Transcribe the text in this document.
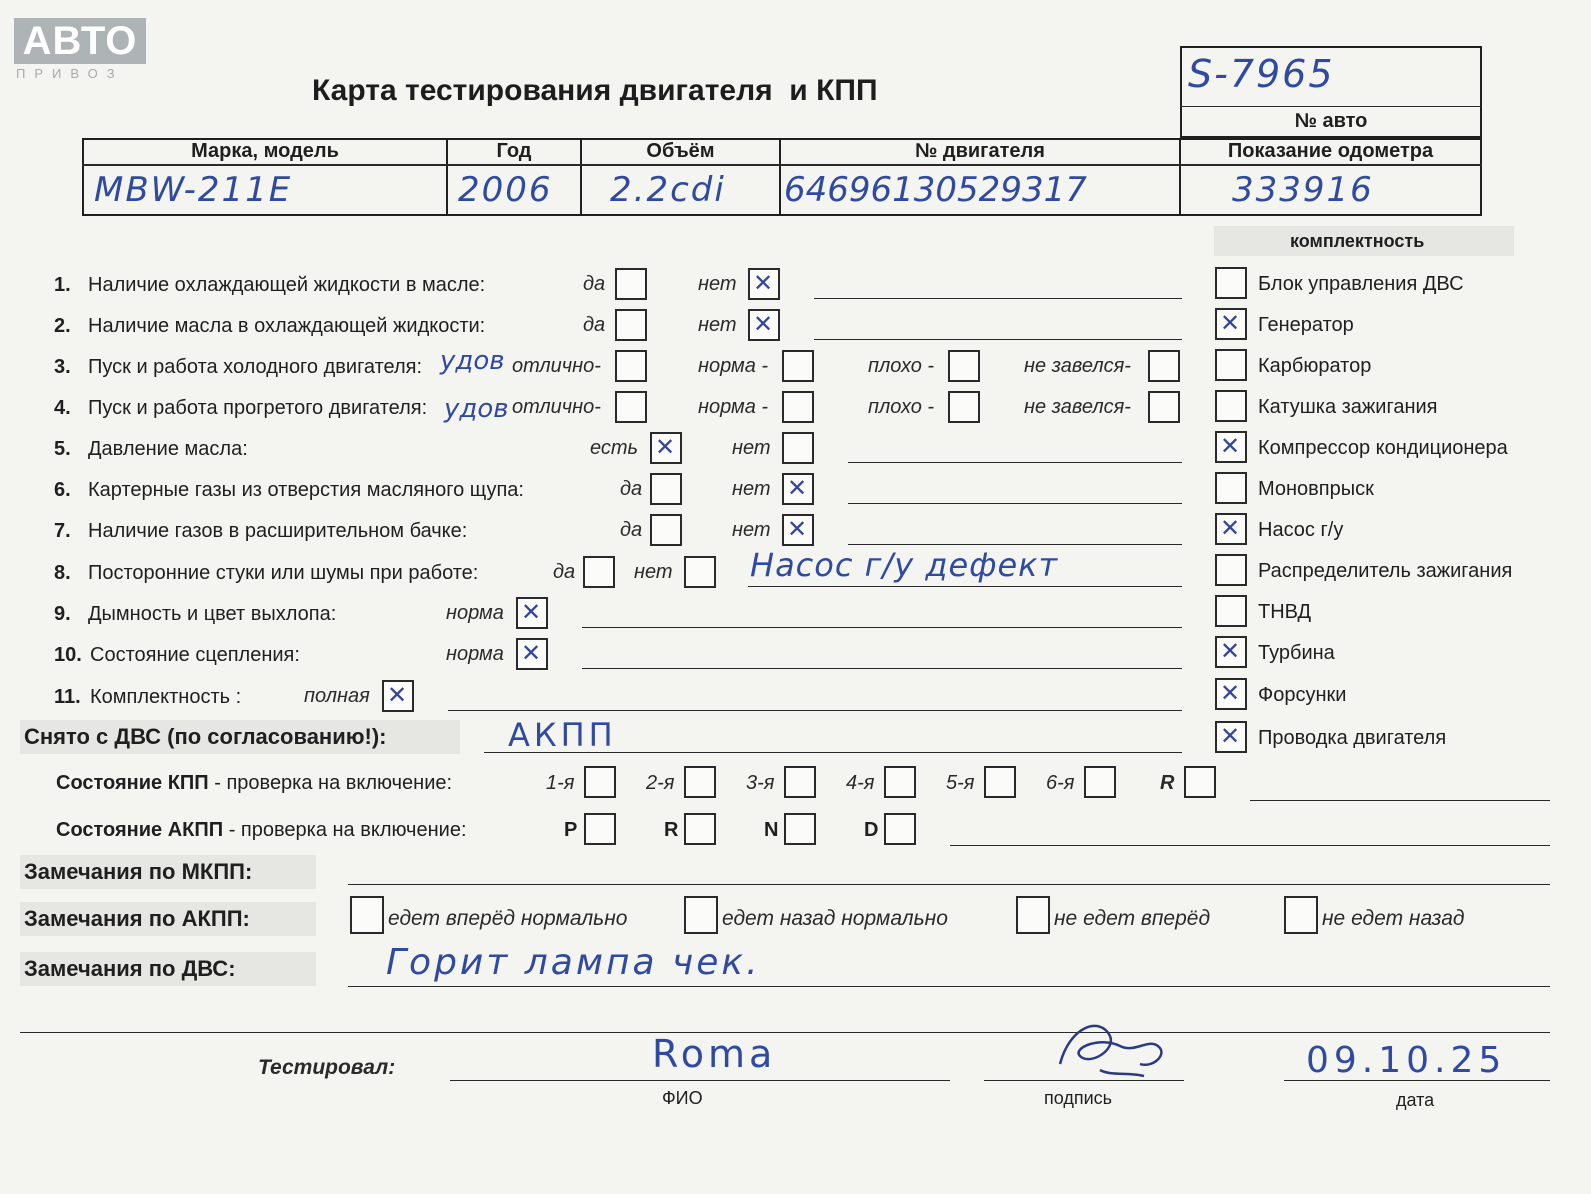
АВТО
ПРИВОЗ
Карта тестирования двигателя  и КПП	S-7965
№ авто
Марка, модель	Год	Объём	№ двигателя	Показание одометра
MBW-211E	2006 2.2cdi 64696130529317	333916
комплектность
1. Наличие охлаждающей жидкости в масле:	да	нет
✕
2. Наличие масла в охлаждающей жидкости:	да	нет
✕
3. Пуск и работа холодного двигателя: удов отлично-	норма -	плохо -	не завелся-
4. Пуск и работа прогретого двигателя: удов отлично-	норма -	плохо -	не завелся-
5. Давление масла:	есть
✕	нет
6. Картерные газы из отверстия масляного щупа:	да	нет
✕
7. Наличие газов в расширительном бачке:	да	нет
✕
8. Посторонние стуки или шумы при работе:	да	нет Насос г/у дефект
9. Дымность и цвет выхлопа:	норма
✕
10. Состояние сцепления:	норма
✕
11. Комплектность :	полная
✕
Блок управления ДВС
✕
Генератор
Карбюратор
Катушка зажигания
✕
Компрессор кондиционера
Моновпрыск
✕
Насос г/у
Распределитель зажигания
ТНВД
✕
Турбина
✕
Форсунки
✕
Проводка двигателя
Снято с ДВС (по согласованию!):	АКПП
Состояние КПП - проверка на включение:	1-я	2-я	3-я	4-я	5-я	6-я	R
Состояние АКПП - проверка на включение:	P	R	N	D
Замечания по МКПП:
Замечания по АКПП:	едет вперёд нормально	едет назад нормально	не едет вперёд	не едет назад
Замечания по ДВС:	Горит лампа чек.
Тестировал:	Roma
ФИО	подпись
09.10.25
дата
